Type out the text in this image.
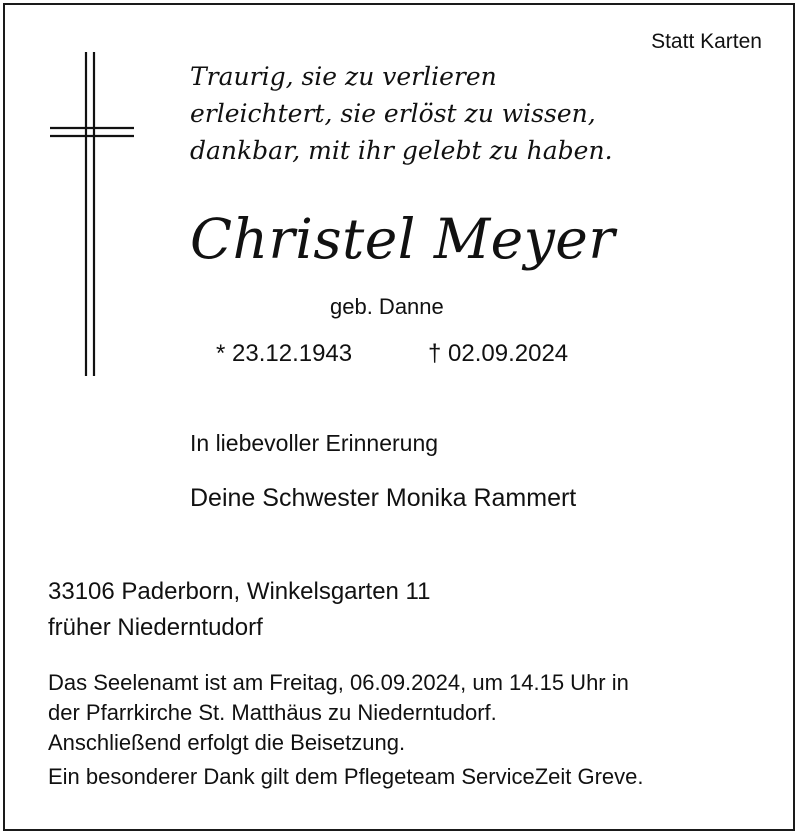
Statt Karten
Traurig, sie zu verlieren
erleichtert, sie erlöst zu wissen,
dankbar, mit ihr gelebt zu haben.
Christel Meyer
geb. Danne
* 23.12.1943	† 02.09.2024
In liebevoller Erinnerung
Deine Schwester Monika Rammert
33106 Paderborn, Winkelsgarten 11
früher Niederntudorf
Das Seelenamt ist am Freitag, 06.09.2024, um 14.15 Uhr in
der Pfarrkirche St. Matthäus zu Niederntudorf.
Anschließend erfolgt die Beisetzung.
Ein besonderer Dank gilt dem Pflegeteam ServiceZeit Greve.
